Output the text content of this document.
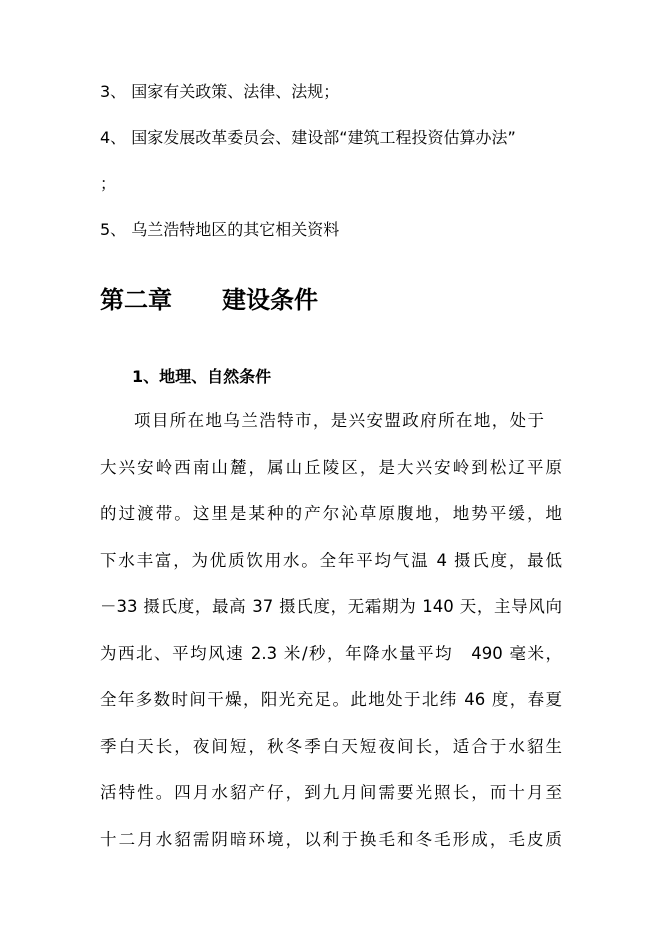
3、 国家有关政策、法律、法规；
4、 国家发展改革委员会、建设部“建筑工程投资估算办法”
；
5、 乌兰浩特地区的其它相关资料
第二章 建设条件
1、地理、自然条件
项目所在地乌兰浩特市，是兴安盟政府所在地，处于
大兴安岭西南山麓，属山丘陵区，是大兴安岭到松辽平原
的过渡带。这里是某种的产尔沁草原腹地，地势平缓，地
下水丰富，为优质饮用水。全年平均气温 4 摄氏度，最低
－33 摄氏度，最高 37 摄氏度，无霜期为 140 天，主导风向
为西北、平均风速 2.3 米/秒，年降水量平均　490 毫米，
全年多数时间干燥，阳光充足。此地处于北纬 46 度，春夏
季白天长，夜间短，秋冬季白天短夜间长，适合于水貂生
活特性。四月水貂产仔，到九月间需要光照长，而十月至
十二月水貂需阴暗环境，以利于换毛和冬毛形成，毛皮质
